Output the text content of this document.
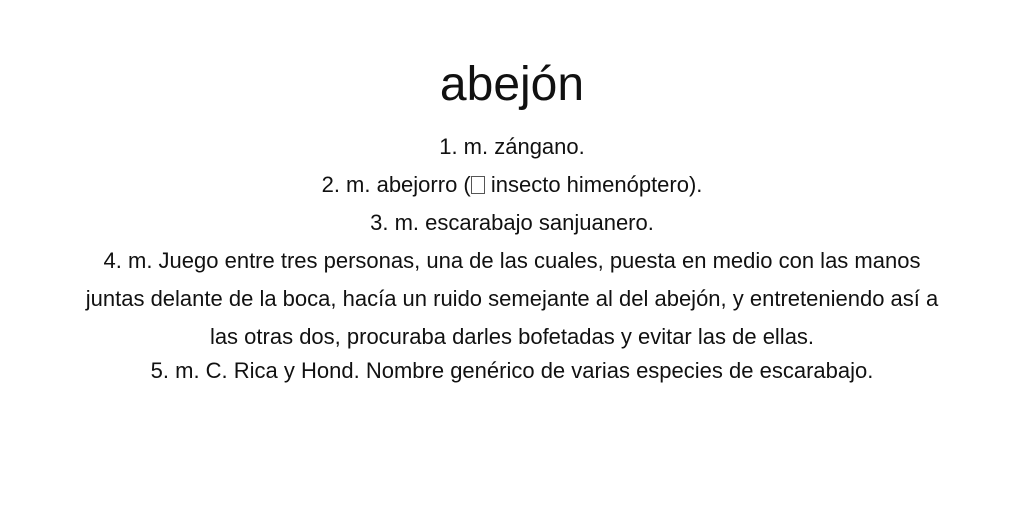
abejón

1. m. zángano.

2. m. abejorro ( insecto himenóptero).

3. m. escarabajo sanjuanero.

4. m. Juego entre tres personas, una de las cuales, puesta en medio con las manos juntas delante de la boca, hacía un ruido semejante al del abejón, y entreteniendo así a las otras dos, procuraba darles bofetadas y evitar las de ellas.

5. m. C. Rica y Hond. Nombre genérico de varias especies de escarabajo.
